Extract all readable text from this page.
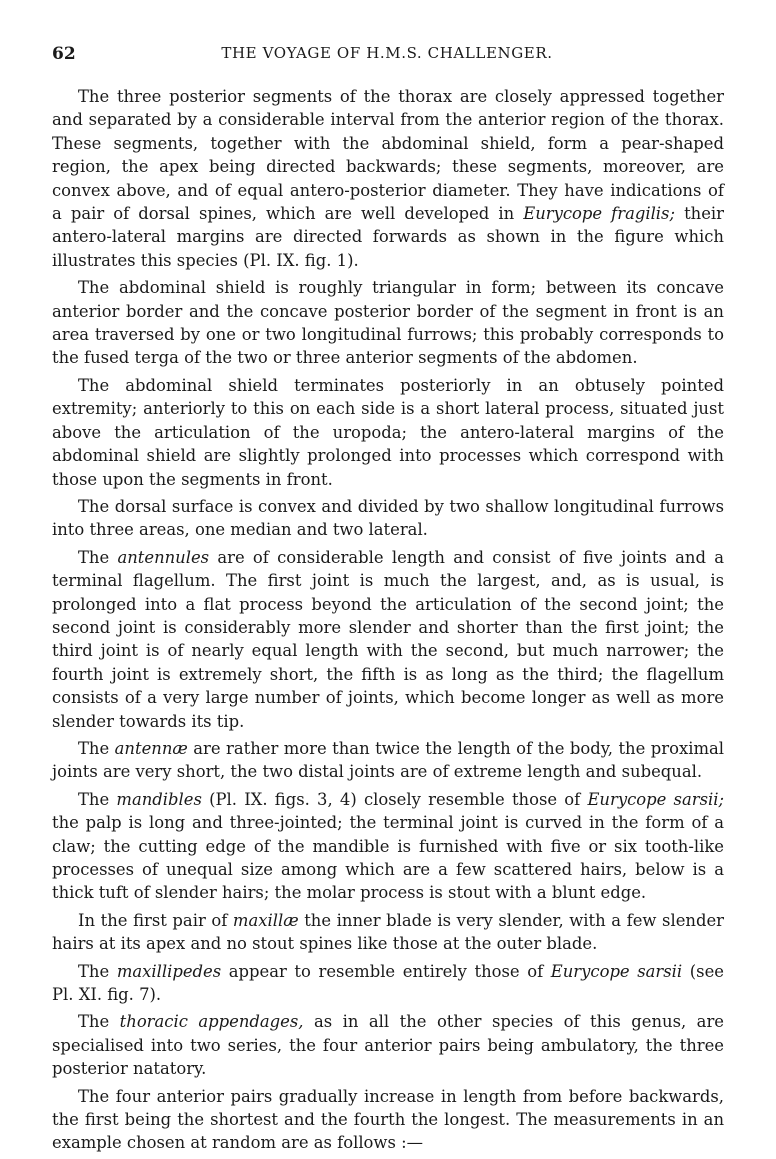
62	THE VOYAGE OF H.M.S. CHALLENGER.

The three posterior segments of the thorax are closely appressed together and separated by a considerable interval from the anterior region of the thorax. These segments, together with the abdominal shield, form a pear-shaped region, the apex being directed backwards; these segments, moreover, are convex above, and of equal antero-posterior diameter. They have indications of a pair of dorsal spines, which are well developed in Eurycope fragilis; their antero-lateral margins are directed forwards as shown in the figure which illustrates this species (Pl. IX. fig. 1).

The abdominal shield is roughly triangular in form; between its concave anterior border and the concave posterior border of the segment in front is an area traversed by one or two longitudinal furrows; this probably corresponds to the fused terga of the two or three anterior segments of the abdomen.

The abdominal shield terminates posteriorly in an obtusely pointed extremity; anteriorly to this on each side is a short lateral process, situated just above the articulation of the uropoda; the antero-lateral margins of the abdominal shield are slightly prolonged into processes which correspond with those upon the segments in front.

The dorsal surface is convex and divided by two shallow longitudinal furrows into three areas, one median and two lateral.

The antennules are of considerable length and consist of five joints and a terminal flagellum. The first joint is much the largest, and, as is usual, is prolonged into a flat process beyond the articulation of the second joint; the second joint is considerably more slender and shorter than the first joint; the third joint is of nearly equal length with the second, but much narrower; the fourth joint is extremely short, the fifth is as long as the third; the flagellum consists of a very large number of joints, which become longer as well as more slender towards its tip.

The antennæ are rather more than twice the length of the body, the proximal joints are very short, the two distal joints are of extreme length and subequal.

The mandibles (Pl. IX. figs. 3, 4) closely resemble those of Eurycope sarsii; the palp is long and three-jointed; the terminal joint is curved in the form of a claw; the cutting edge of the mandible is furnished with five or six tooth-like processes of unequal size among which are a few scattered hairs, below is a thick tuft of slender hairs; the molar process is stout with a blunt edge.

In the first pair of maxillæ the inner blade is very slender, with a few slender hairs at its apex and no stout spines like those at the outer blade.

The maxillipedes appear to resemble entirely those of Eurycope sarsii (see Pl. XI. fig. 7).

The thoracic appendages, as in all the other species of this genus, are specialised into two series, the four anterior pairs being ambulatory, the three posterior natatory.

The four anterior pairs gradually increase in length from before backwards, the first being the shortest and the fourth the longest. The measurements in an example chosen at random are as follows :—
